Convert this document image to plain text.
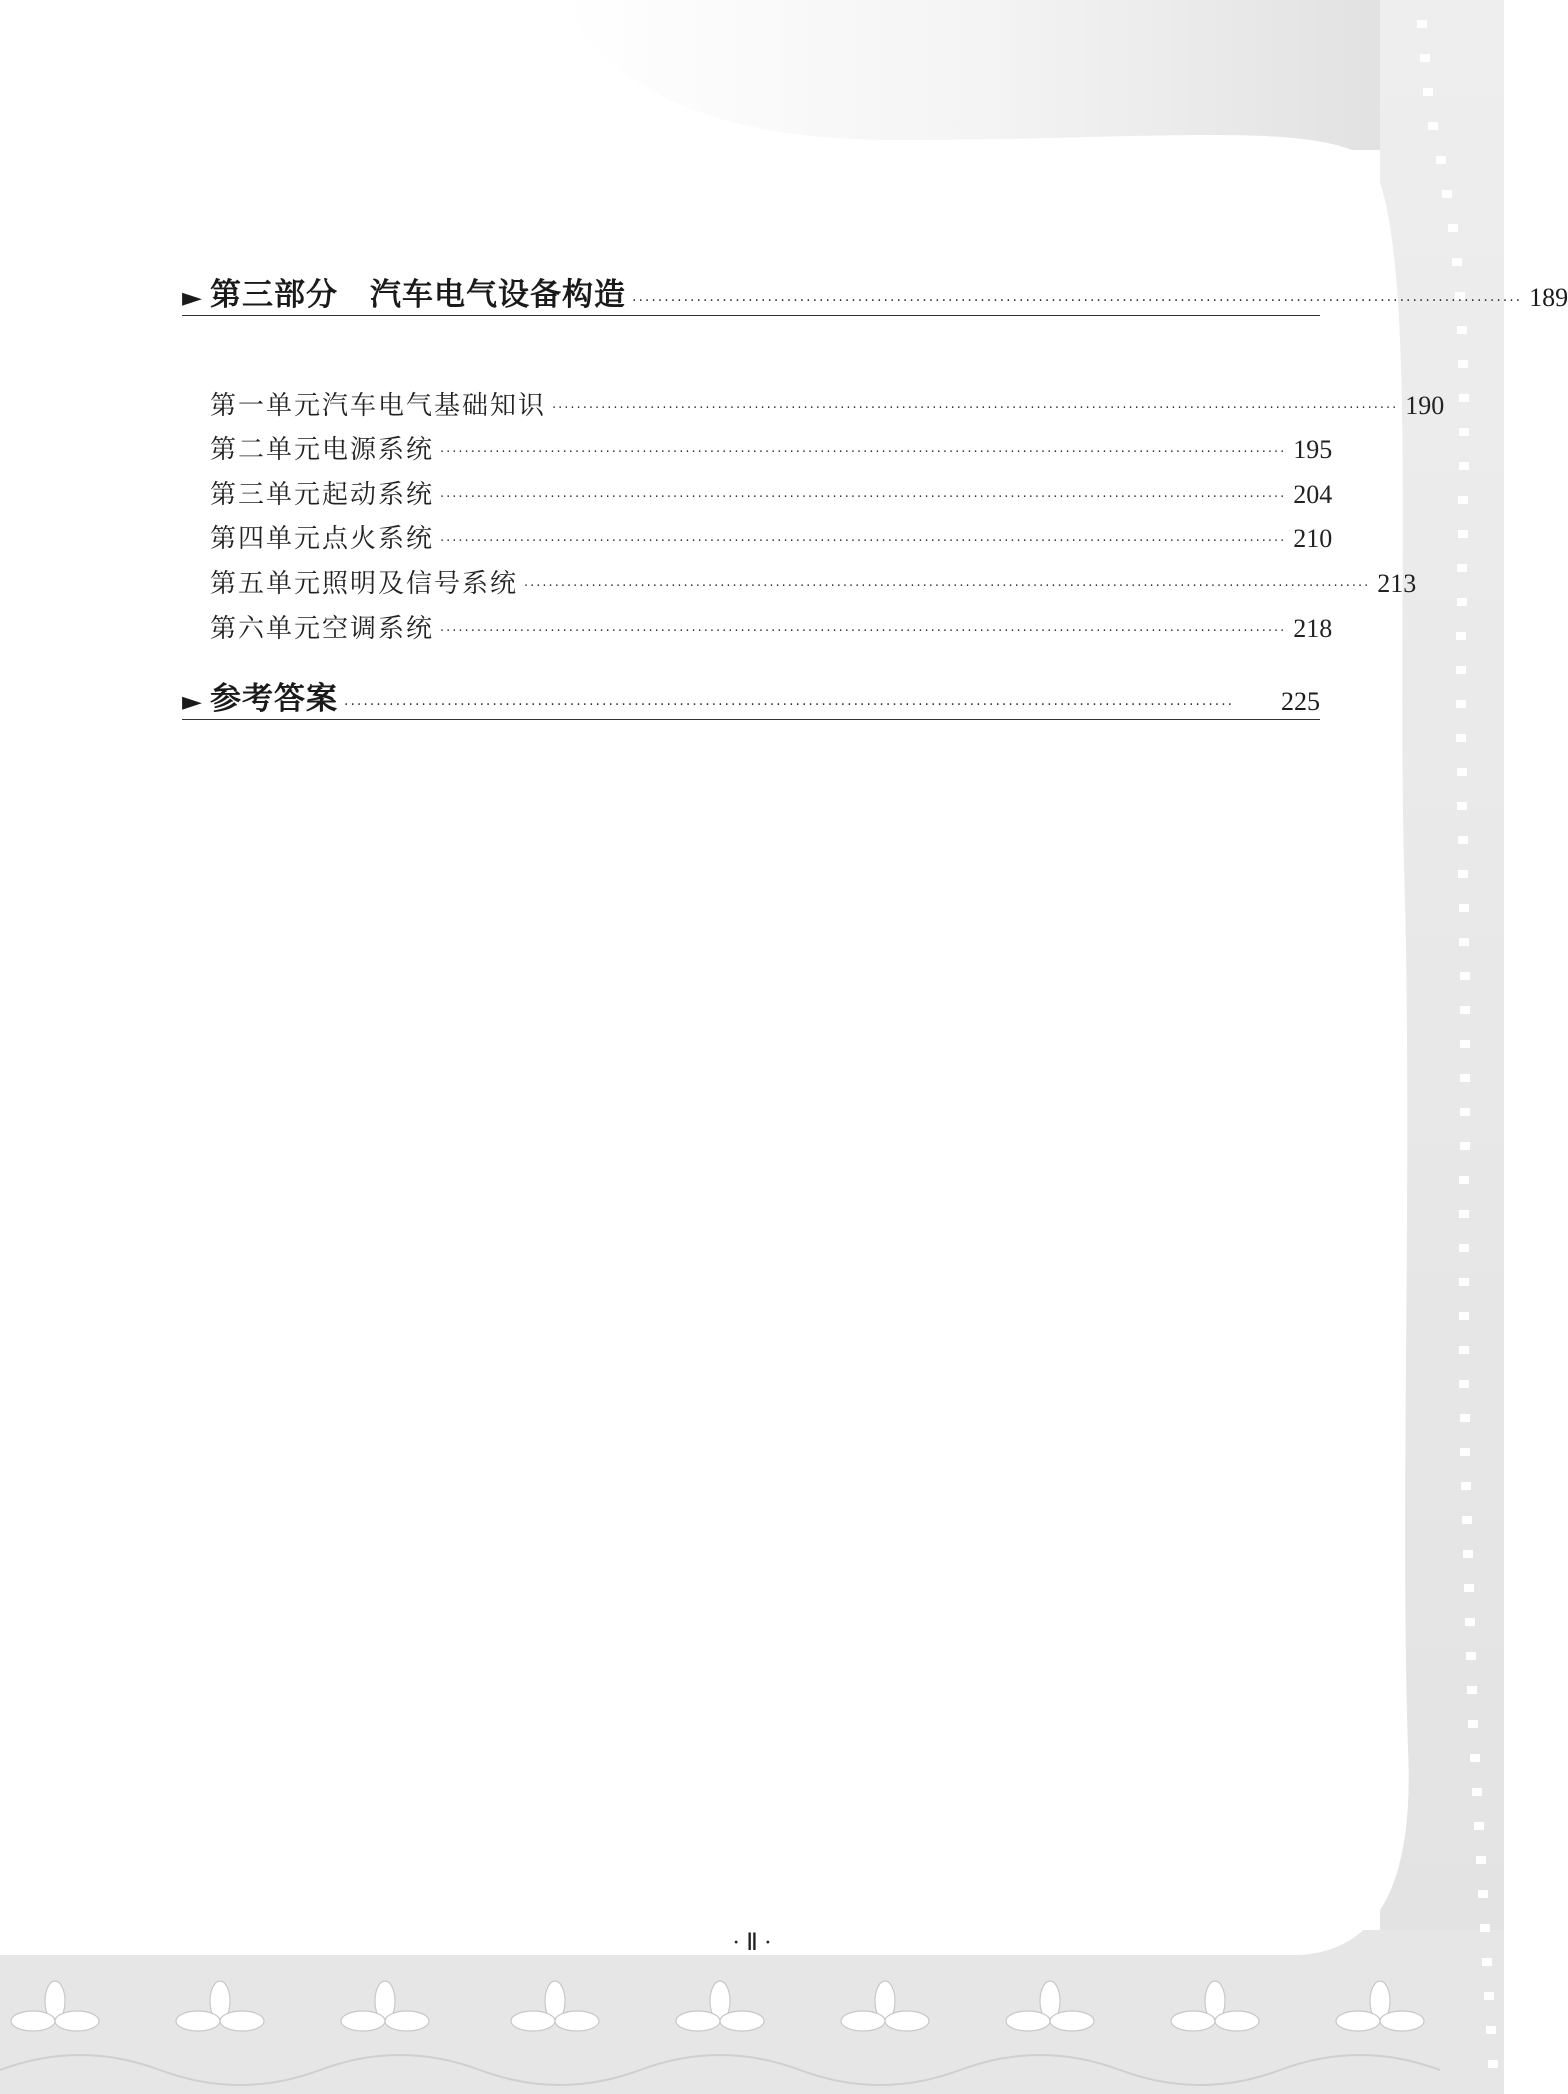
► 第三部分　汽车电气设备构造 ·········································································································································· 189
第一单元 汽车电气基础知识 ·········································································································································· 190
第二单元 电源系统 ·········································································································································· 195
第三单元 起动系统 ·········································································································································· 204
第四单元 点火系统 ·········································································································································· 210
第五单元 照明及信号系统 ·········································································································································· 213
第六单元 空调系统 ·········································································································································· 218
► 参考答案 ··········································································································································	225
· Ⅱ ·
